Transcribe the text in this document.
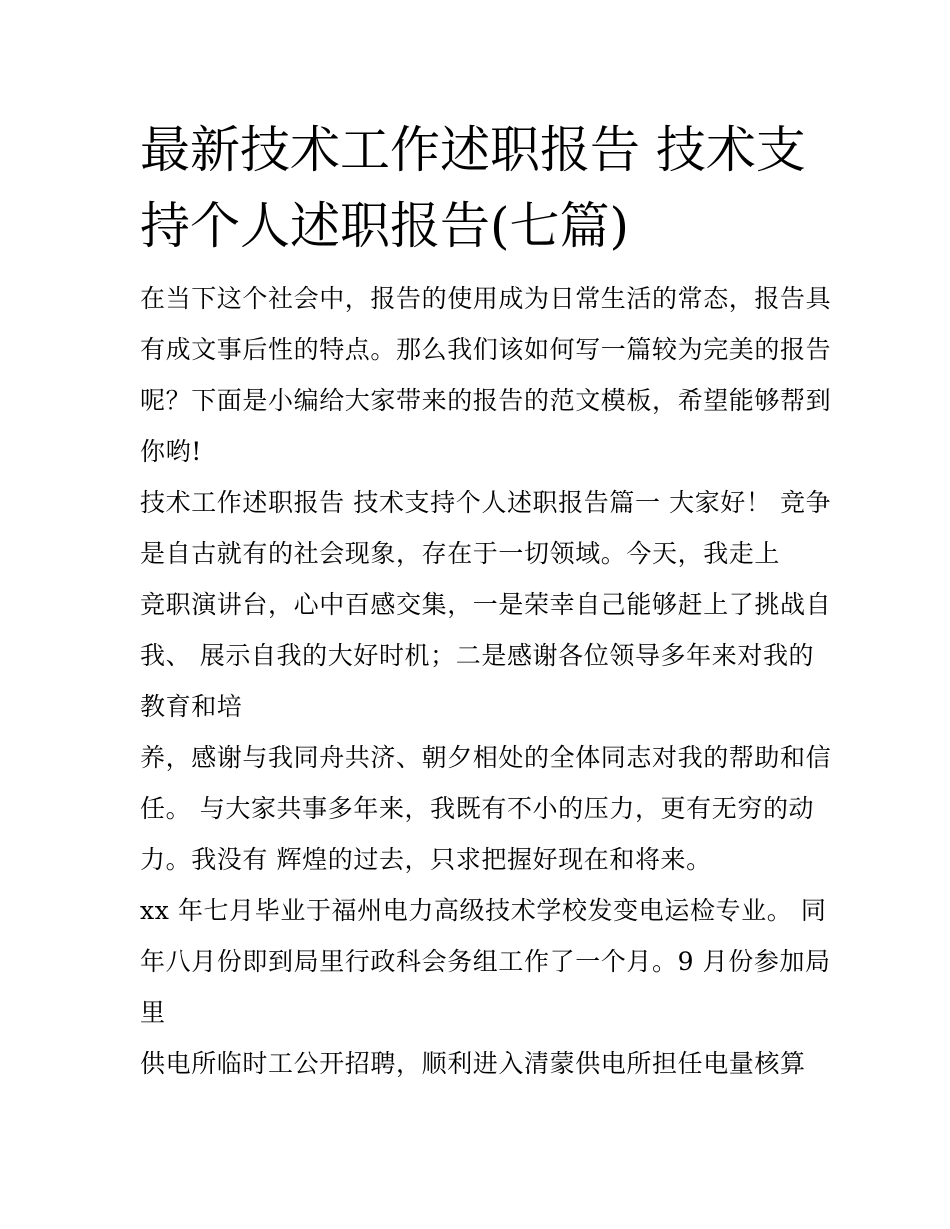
最新技术工作述职报告 技术支
持个人述职报告(七篇)
在当下这个社会中，报告的使用成为日常生活的常态，报告具
有成文事后性的特点。那么我们该如何写一篇较为完美的报告
呢？下面是小编给大家带来的报告的范文模板，希望能够帮到
你哟!
技术工作述职报告 技术支持个人述职报告篇一 大家好！ 竞争
是自古就有的社会现象，存在于一切领域。今天，我走上
竞职演讲台，心中百感交集，一是荣幸自己能够赶上了挑战自
我、 展示自我的大好时机；二是感谢各位领导多年来对我的
教育和培
养，感谢与我同舟共济、朝夕相处的全体同志对我的帮助和信
任。 与大家共事多年来，我既有不小的压力，更有无穷的动
力。我没有 辉煌的过去，只求把握好现在和将来。
xx 年七月毕业于福州电力高级技术学校发变电运检专业。 同
年八月份即到局里行政科会务组工作了一个月。9 月份参加局
里
供电所临时工公开招聘，顺利进入清蒙供电所担任电量核算
